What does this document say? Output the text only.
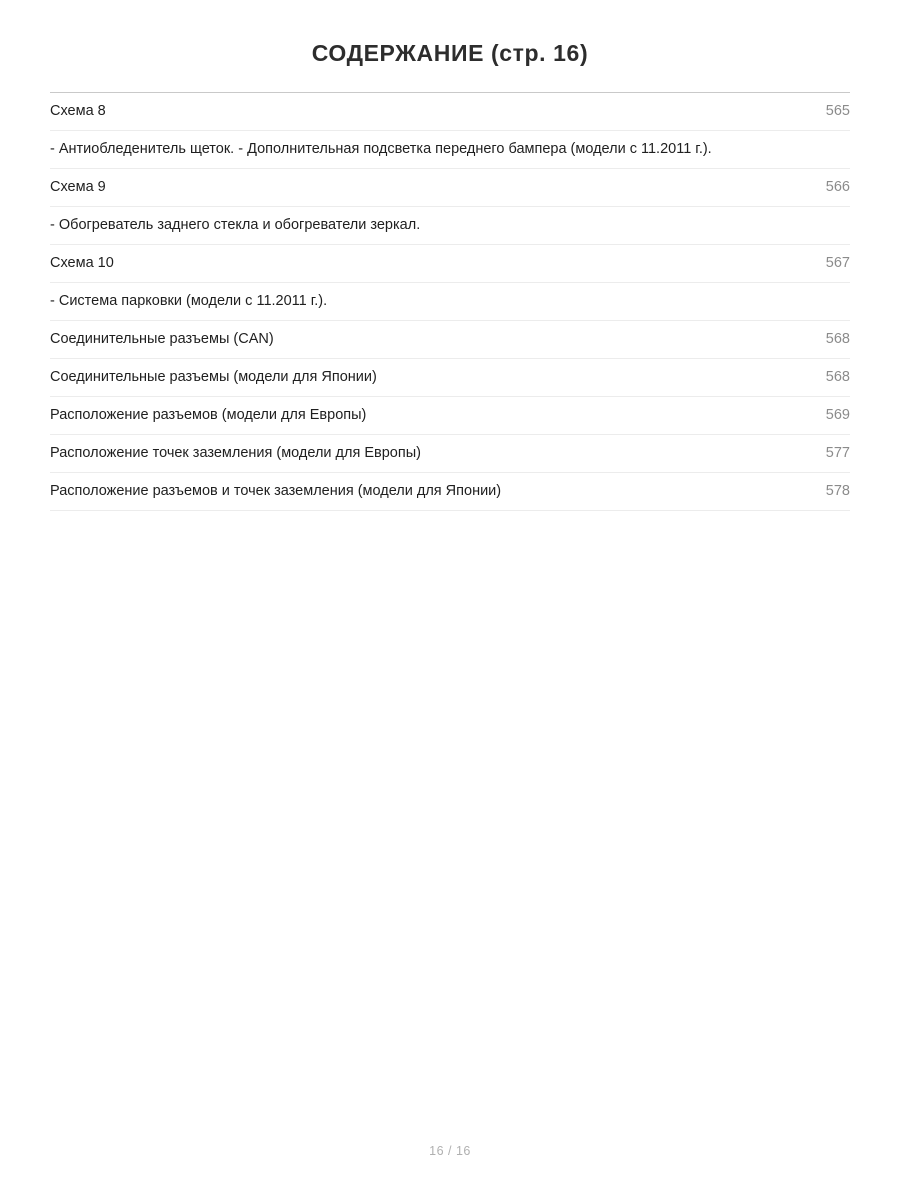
СОДЕРЖАНИЕ (стр. 16)
Схема 8	565
- Антиобледенитель щеток. - Дополнительная подсветка переднего бампера (модели с 11.2011 г.).
Схема 9	566
- Обогреватель заднего стекла и обогреватели зеркал.
Схема 10	567
- Система парковки (модели с 11.2011 г.).
Соединительные разъемы (CAN)	568
Соединительные разъемы (модели для Японии)	568
Расположение разъемов (модели для Европы)	569
Расположение точек заземления (модели для Европы)	577
Расположение разъемов и точек заземления (модели для Японии)	578
16 / 16
